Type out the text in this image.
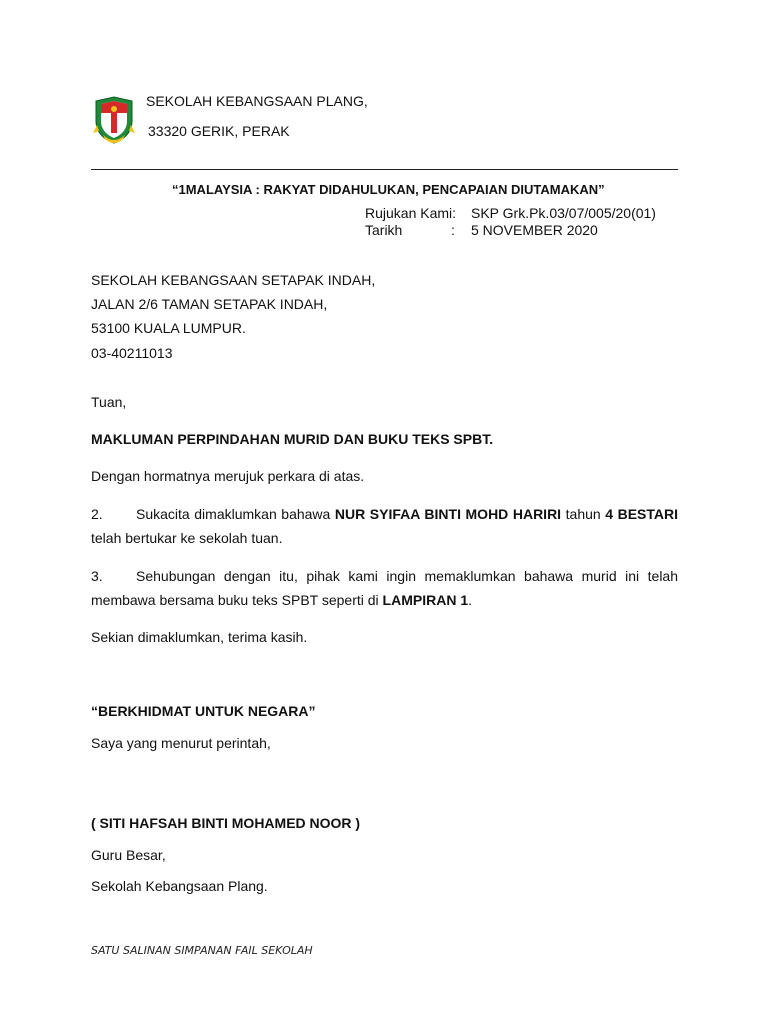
SEKOLAH KEBANGSAAN PLANG,
33320 GERIK, PERAK
“1MALAYSIA : RAKYAT DIDAHULUKAN, PENCAPAIAN DIUTAMAKAN”
Rujukan Kami: SKP Grk.Pk.03/07/005/20(01)
Tarikh	: 5 NOVEMBER 2020
SEKOLAH KEBANGSAAN SETAPAK INDAH,
JALAN 2/6 TAMAN SETAPAK INDAH,
53100 KUALA LUMPUR.
03-40211013
Tuan,
MAKLUMAN PERPINDAHAN MURID DAN BUKU TEKS SPBT.
Dengan hormatnya merujuk perkara di atas.
2. Sukacita dimaklumkan bahawa NUR SYIFAA BINTI MOHD HARIRI tahun 4 BESTARI telah bertukar ke sekolah tuan.
3. Sehubungan dengan itu, pihak kami ingin memaklumkan bahawa murid ini telah membawa bersama buku teks SPBT seperti di LAMPIRAN 1.
Sekian dimaklumkan, terima kasih.
“BERKHIDMAT UNTUK NEGARA”
Saya yang menurut perintah,
( SITI HAFSAH BINTI MOHAMED NOOR )
Guru Besar,
Sekolah Kebangsaan Plang.
SATU SALINAN SIMPANAN FAIL SEKOLAH
